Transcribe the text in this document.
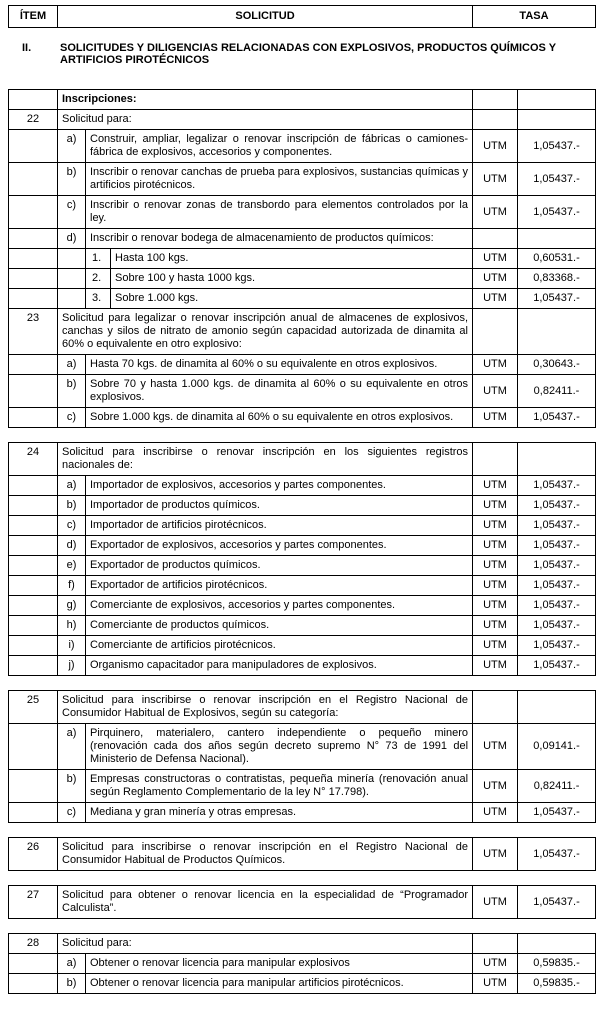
ÍTEM	SOLICITUD	TASA
II.	SOLICITUDES Y DILIGENCIAS RELACIONADAS CON EXPLOSIVOS, PRODUCTOS QUÍMICOS Y ARTIFICIOS PIROTÉCNICOS
	Inscripciones:				
22	Solicitud para:				
	a)	Construir, ampliar, legalizar o renovar inscripción de fábricas o camiones-fábrica de explosivos, accesorios y componentes.		UTM	1,05437.-
	b)	Inscribir o renovar canchas de prueba para explosivos, sustancias químicas y artificios pirotécnicos.		UTM	1,05437.-
	c)	Inscribir o renovar zonas de transbordo para elementos controlados por la ley.		UTM	1,05437.-
	d)	Inscribir o renovar bodega de almacenamiento de productos químicos:			
		1.	Hasta 100 kgs.	UTM	0,60531.-
		2.	Sobre 100 y hasta 1000 kgs.	UTM	0,83368.-
		3.	Sobre 1.000 kgs.	UTM	1,05437.-
23	Solicitud para legalizar o renovar inscripción anual de almacenes de explosivos, canchas y silos de nitrato de amonio según capacidad autorizada de dinamita al 60% o equivalente en otro explosivo:				
	a)	Hasta 70 kgs. de dinamita al 60% o su equivalente en otros explosivos.		UTM	0,30643.-
	b)	Sobre 70 y hasta 1.000 kgs. de dinamita al 60% o su equivalente en otros explosivos.		UTM	0,82411.-
	c)	Sobre 1.000 kgs. de dinamita al 60% o su equivalente en otros explosivos.		UTM	1,05437.-
24	Solicitud para inscribirse o renovar inscripción en los siguientes registros nacionales de:			
	a)	Importador de explosivos, accesorios y partes componentes.	UTM	1,05437.-
	b)	Importador de productos químicos.	UTM	1,05437.-
	c)	Importador de artificios pirotécnicos.	UTM	1,05437.-
	d)	Exportador de explosivos, accesorios y partes componentes.	UTM	1,05437.-
	e)	Exportador de productos químicos.	UTM	1,05437.-
	f)	Exportador de artificios pirotécnicos.	UTM	1,05437.-
	g)	Comerciante de explosivos, accesorios y partes componentes.	UTM	1,05437.-
	h)	Comerciante de productos químicos.	UTM	1,05437.-
	i)	Comerciante de artificios pirotécnicos.	UTM	1,05437.-
	j)	Organismo capacitador para manipuladores de explosivos.	UTM	1,05437.-
25	Solicitud para inscribirse o renovar inscripción en el Registro Nacional de Consumidor Habitual de Explosivos, según su categoría:			
	a)	Pirquinero, materialero, cantero independiente o pequeño minero (renovación cada dos años según decreto supremo N° 73 de 1991 del Ministerio de Defensa Nacional).	UTM	0,09141.-
	b)	Empresas constructoras o contratistas, pequeña minería (renovación anual según Reglamento Complementario de la ley N° 17.798).	UTM	0,82411.-
	c)	Mediana y gran minería y otras empresas.	UTM	1,05437.-
26	Solicitud para inscribirse o renovar inscripción en el Registro Nacional de Consumidor Habitual de Productos Químicos.	UTM	1,05437.-
27	Solicitud para obtener o renovar licencia en la especialidad de “Programador Calculista”.	UTM	1,05437.-
28	Solicitud para:			
	a)	Obtener o renovar licencia para manipular explosivos	UTM	0,59835.-
	b)	Obtener o renovar licencia para manipular artificios pirotécnicos.	UTM	0,59835.-
